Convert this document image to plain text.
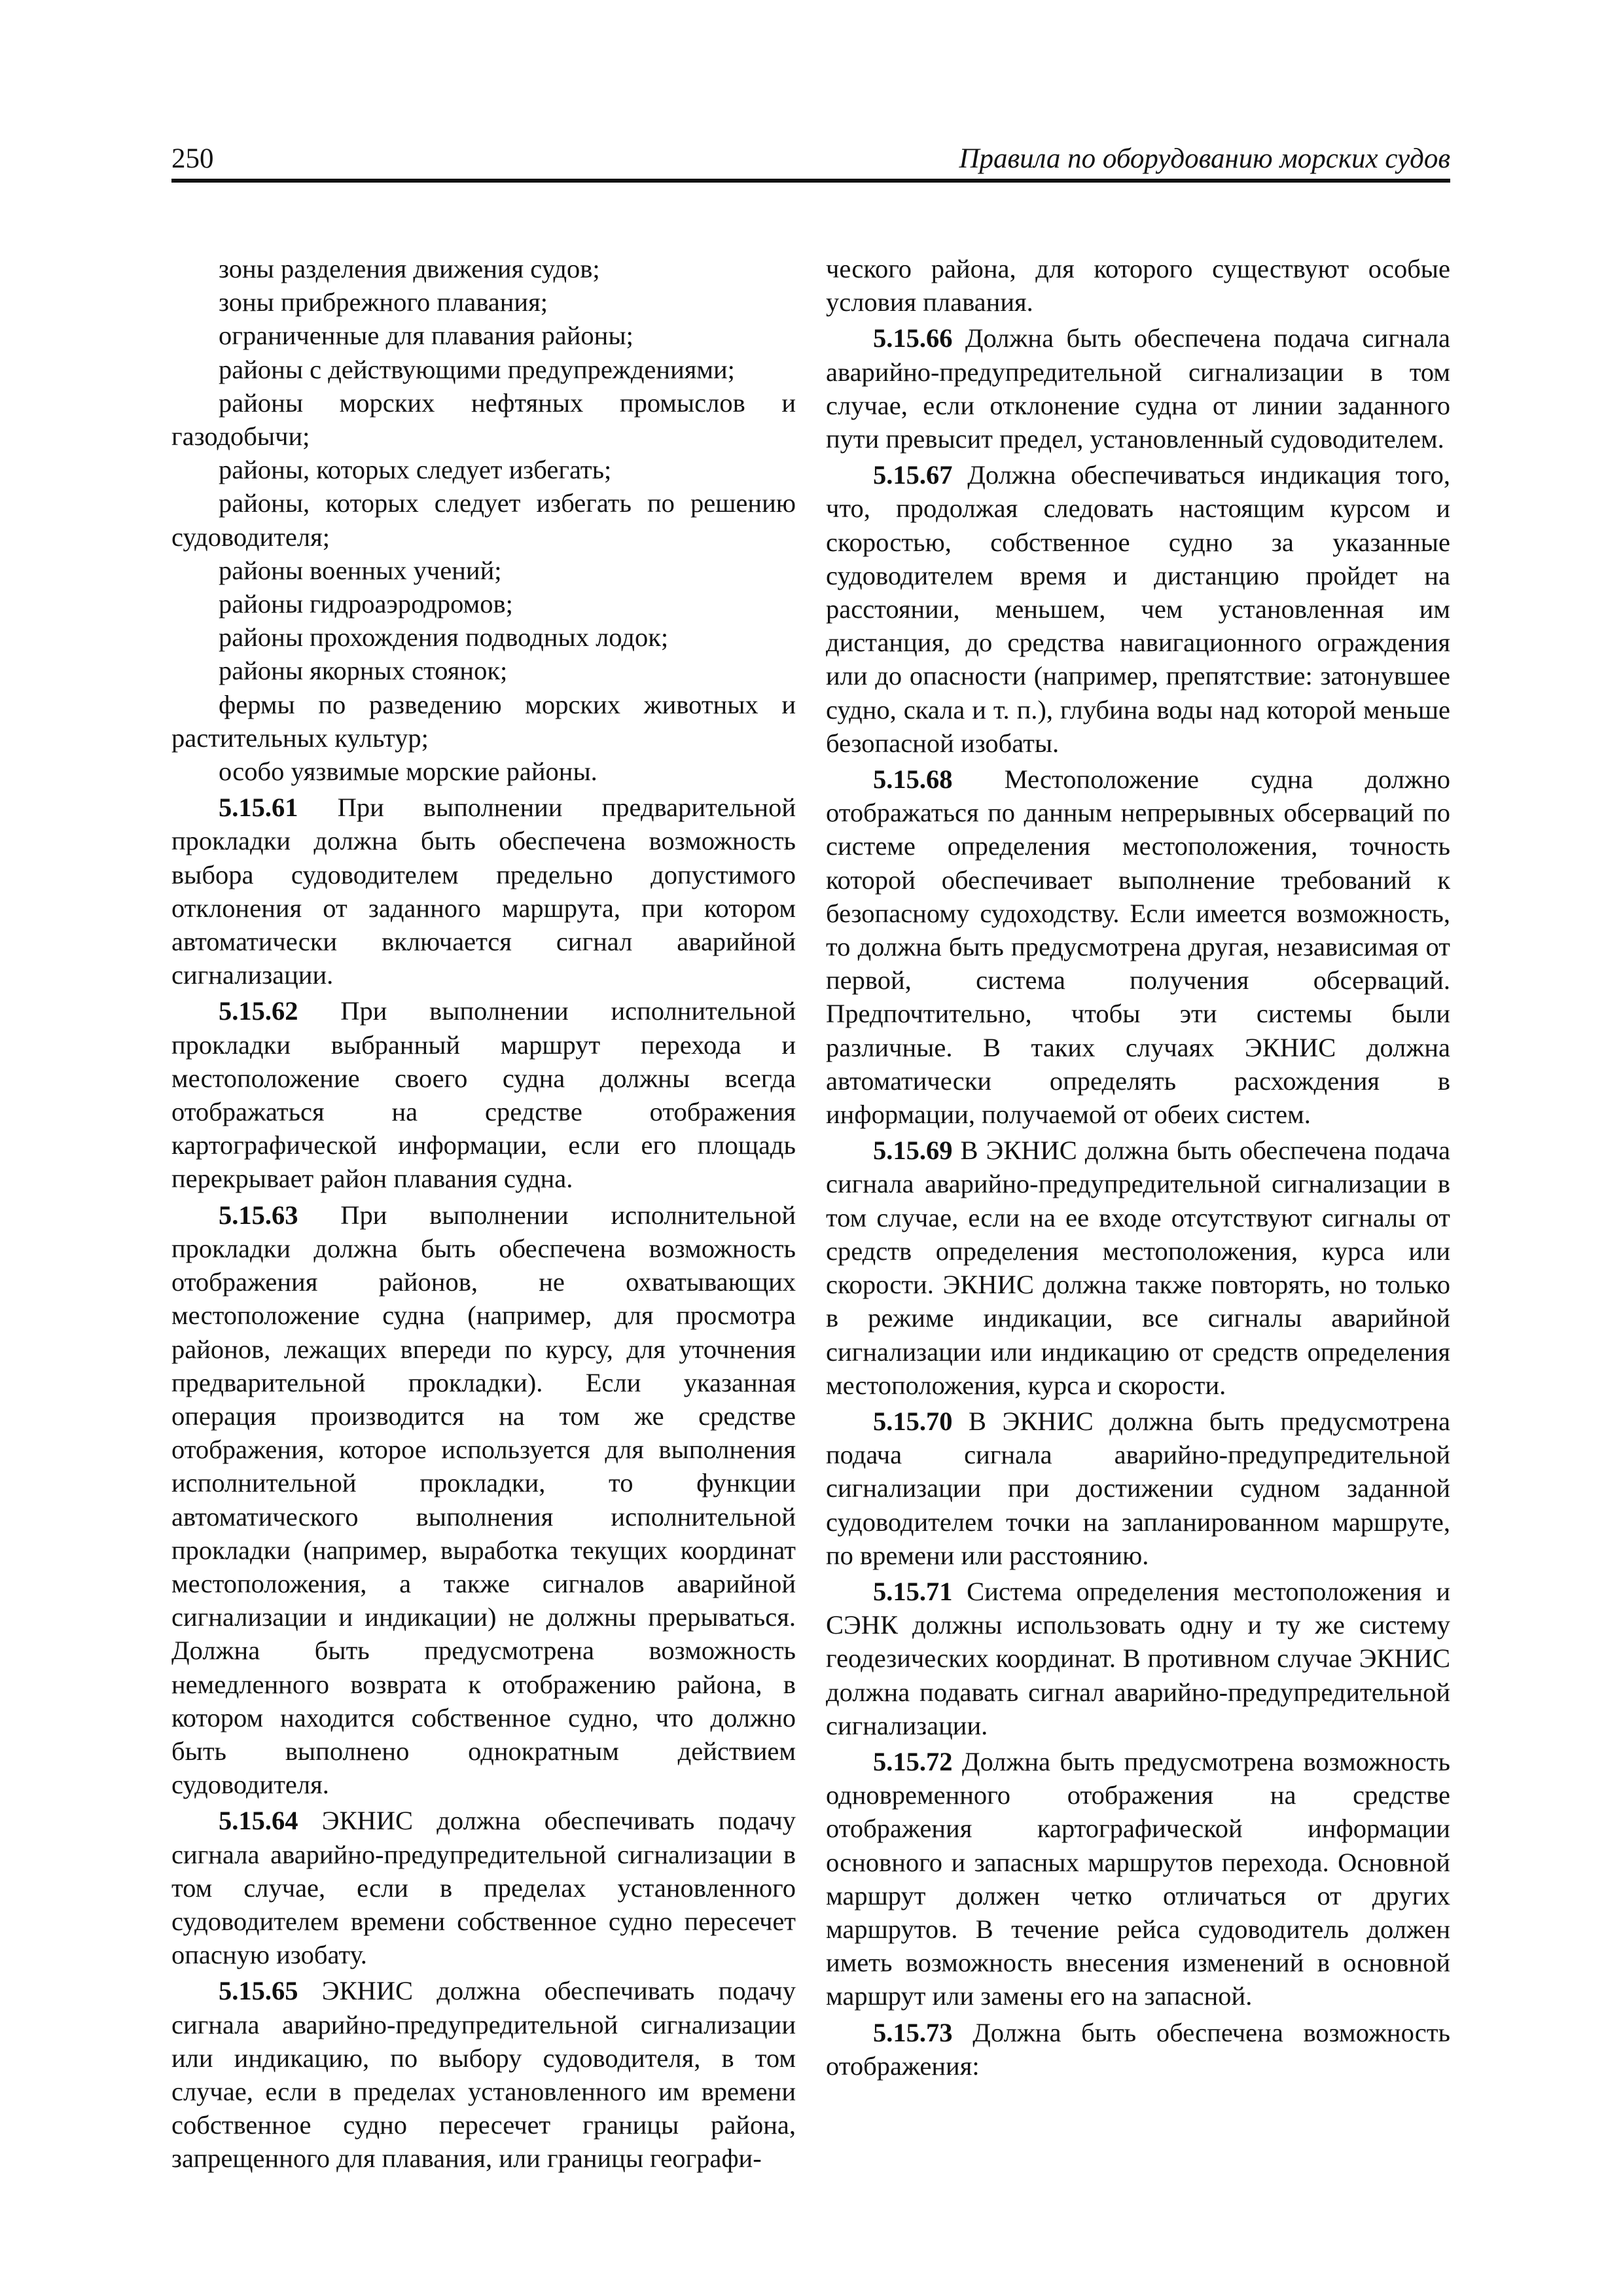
250	Правила по оборудованию морских судов

зоны разделения движения судов;

зоны прибрежного плавания;

ограниченные для плавания районы;

районы с действующими предупреждениями;

районы морских нефтяных промыслов и газодобычи;

районы, которых следует избегать;

районы, которых следует избегать по решению судоводителя;

районы военных учений;

районы гидроаэродромов;

районы прохождения подводных лодок;

районы якорных стоянок;

фермы по разведению морских животных и растительных культур;

особо уязвимые морские районы.

5.15.61 При выполнении предварительной прокладки должна быть обеспечена возможность выбора судоводителем предельно допустимого отклонения от заданного маршрута, при котором автоматически включается сигнал аварийной сигнализации.

5.15.62 При выполнении исполнительной прокладки выбранный маршрут перехода и местоположение своего судна должны всегда отображаться на средстве отображения картографической информации, если его площадь перекрывает район плавания судна.

5.15.63 При выполнении исполнительной прокладки должна быть обеспечена возможность отображения районов, не охватывающих местоположение судна (например, для просмотра районов, лежащих впереди по курсу, для уточнения предварительной прокладки). Если указанная операция производится на том же средстве отображения, которое используется для выполнения исполнительной прокладки, то функции автоматического выполнения исполнительной прокладки (например, выработка текущих координат местоположения, а также сигналов аварийной сигнализации и индикации) не должны прерываться. Должна быть предусмотрена возможность немедленного возврата к отображению района, в котором находится собственное судно, что должно быть выполнено однократным действием судоводителя.

5.15.64 ЭКНИС должна обеспечивать подачу сигнала аварийно-предупредительной сигнализации в том случае, если в пределах установленного судоводителем времени собственное судно пересечет опасную изобату.

5.15.65 ЭКНИС должна обеспечивать подачу сигнала аварийно-предупредительной сигнализации или индикацию, по выбору судоводителя, в том случае, если в пределах установленного им времени собственное судно пересечет границы района, запрещенного для плавания, или границы географи-

ческого района, для которого существуют особые условия плавания.

5.15.66 Должна быть обеспечена подача сигнала аварийно-предупредительной сигнализации в том случае, если отклонение судна от линии заданного пути превысит предел, установленный судоводителем.

5.15.67 Должна обеспечиваться индикация того, что, продолжая следовать настоящим курсом и скоростью, собственное судно за указанные судоводителем время и дистанцию пройдет на расстоянии, меньшем, чем установленная им дистанция, до средства навигационного ограждения или до опасности (например, препятствие: затонувшее судно, скала и т. п.), глубина воды над которой меньше безопасной изобаты.

5.15.68 Местоположение судна должно отображаться по данным непрерывных обсерваций по системе определения местоположения, точность которой обеспечивает выполнение требований к безопасному судоходству. Если имеется возможность, то должна быть предусмотрена другая, независимая от первой, система получения обсерваций. Предпочтительно, чтобы эти системы были различные. В таких случаях ЭКНИС должна автоматически определять расхождения в информации, получаемой от обеих систем.

5.15.69 В ЭКНИС должна быть обеспечена подача сигнала аварийно-предупредительной сигнализации в том случае, если на ее входе отсутствуют сигналы от средств определения местоположения, курса или скорости. ЭКНИС должна также повторять, но только в режиме индикации, все сигналы аварийной сигнализации или индикацию от средств определения местоположения, курса и скорости.

5.15.70 В ЭКНИС должна быть предусмотрена подача сигнала аварийно-предупредительной сигнализации при достижении судном заданной судоводителем точки на запланированном маршруте, по времени или расстоянию.

5.15.71 Система определения местоположения и СЭНК должны использовать одну и ту же систему геодезических координат. В противном случае ЭКНИС должна подавать сигнал аварийно-предупредительной сигнализации.

5.15.72 Должна быть предусмотрена возможность одновременного отображения на средстве отображения картографической информации основного и запасных маршрутов перехода. Основной маршрут должен четко отличаться от других маршрутов. В течение рейса судоводитель должен иметь возможность внесения изменений в основной маршрут или замены его на запасной.

5.15.73 Должна быть обеспечена возможность отображения:
